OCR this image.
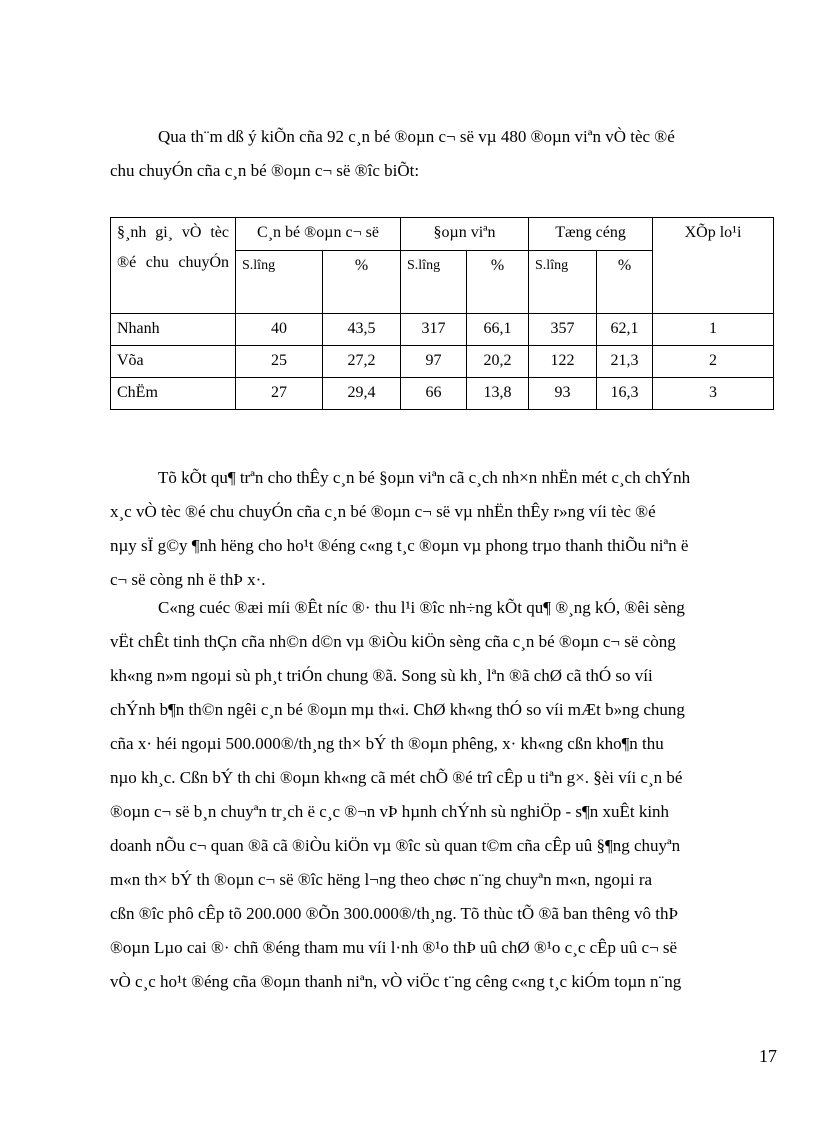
Qua th¨m dß ý kiÕn cña 92 c¸n bé ®oµn c¬ së vµ 480 ®oµn viªn vÒ tèc ®é
chu chuyÓn cña c¸n bé ®oµn c¬ së ®îc biÕt:

§¸nh gi¸ vÒ tèc ®é chu chuyÓn	C¸n bé ®oµn c¬ së		§oµn viªn		Tæng céng		XÕp lo¹i
	S.lîng	%	S.lîng	%	S.lîng	%	
Nhanh	40	43,5	317	66,1	357	62,1	1
Võa	25	27,2	97	20,2	122	21,3	2
ChËm	27	29,4	66	13,8	93	16,3	3

Tõ kÕt qu¶ trªn cho thÊy c¸n bé §oµn viªn cã c¸ch nh×n nhËn mét c¸ch chÝnh
x¸c vÒ tèc ®é chu chuyÓn cña c¸n bé ®oµn c¬ së vµ nhËn thÊy r»ng víi tèc ®é
nµy sÏ g©y ¶nh hëng cho ho¹t ®éng c«ng t¸c ®oµn vµ phong trµo thanh thiÕu niªn ë
c¬ së còng nh ë thÞ x·.

C«ng cuéc ®æi míi ®Êt níc ®· thu l¹i ®îc nh÷ng kÕt qu¶ ®¸ng kÓ, ®êi sèng
vËt chÊt tinh thÇn cña nh©n d©n vµ ®iÒu kiÖn sèng cña c¸n bé ®oµn c¬ së còng
kh«ng n»m ngoµi sù ph¸t triÓn chung ®ã. Song sù kh¸ lªn ®ã chØ cã thÓ so víi
chÝnh b¶n th©n ngêi c¸n bé ®oµn mµ th«i. ChØ kh«ng thÓ so víi mÆt b»ng chung
cña x· héi ngoµi 500.000®/th¸ng th× bÝ th ®oµn phêng, x· kh«ng cßn kho¶n thu
nµo kh¸c. Cßn bÝ th chi ®oµn kh«ng cã mét chÕ ®é trî cÊp u tiªn g×. §èi víi c¸n bé
®oµn c¬ së b¸n chuyªn tr¸ch ë c¸c ®¬n vÞ hµnh chÝnh sù nghiÖp - s¶n xuÊt kinh
doanh nÕu c¬ quan ®ã cã ®iÒu kiÖn vµ ®îc sù quan t©m cña cÊp uû §¶ng chuyªn
m«n th× bÝ th ®oµn c¬ së ®îc hëng l¬ng theo chøc n¨ng chuyªn m«n, ngoµi ra
cßn ®îc phô cÊp tõ 200.000 ®Õn 300.000®/th¸ng. Tõ thùc tÕ ®ã ban thêng vô thÞ
®oµn Lµo cai ®· chñ ®éng tham mu víi l·nh ®¹o thÞ uû chØ ®¹o c¸c cÊp uû c¬ së
vÒ c¸c ho¹t ®éng cña ®oµn thanh niªn, vÒ viÖc t¨ng cêng c«ng t¸c kiÓm toµn n¨ng

17
